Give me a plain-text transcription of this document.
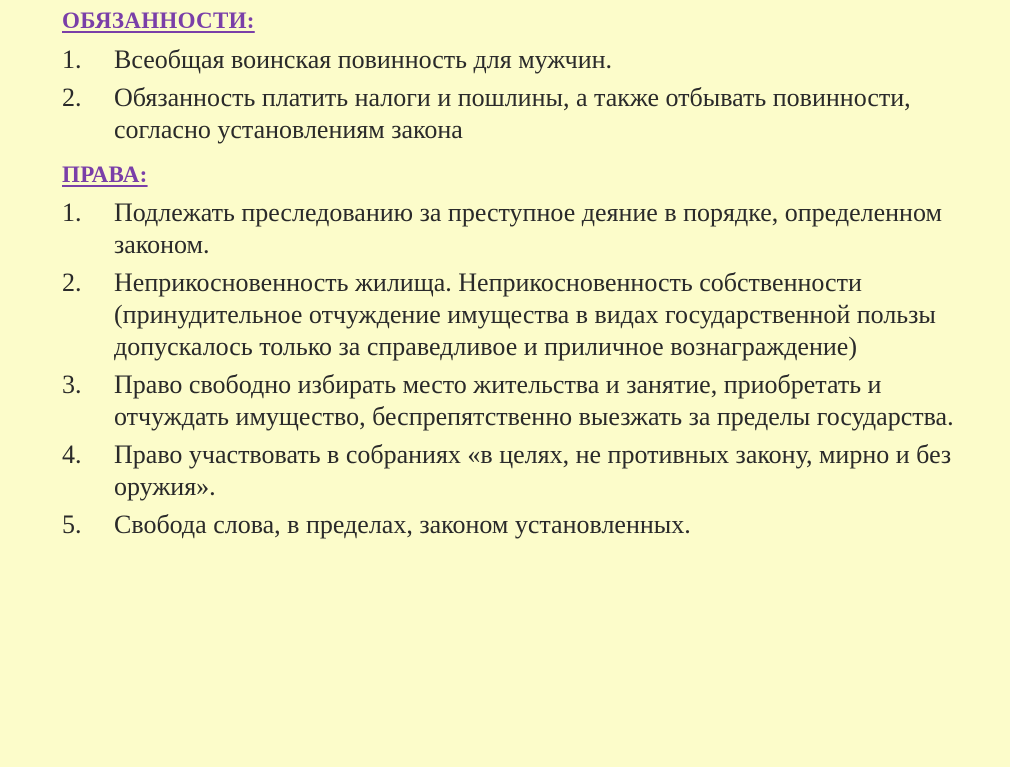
ОБЯЗАННОСТИ:
1.	Всеобщая воинская повинность для мужчин.
2.	Обязанность платить налоги и пошлины, а также отбывать повинности, согласно установлениям закона
ПРАВА:
1.	Подлежать преследованию за преступное деяние в порядке, определенном законом.
2.	Неприкосновенность жилища. Неприкосновенность собственности (принудительное отчуждение имущества в видах государственной пользы допускалось только за справедливое и приличное вознаграждение)
3.	Право свободно избирать место жительства и занятие, приобретать и отчуждать имущество, беспрепятственно выезжать за пределы государства.
4.	Право участвовать в собраниях «в целях, не противных закону, мирно и без оружия».
5.	Свобода слова, в пределах, законом установленных.
